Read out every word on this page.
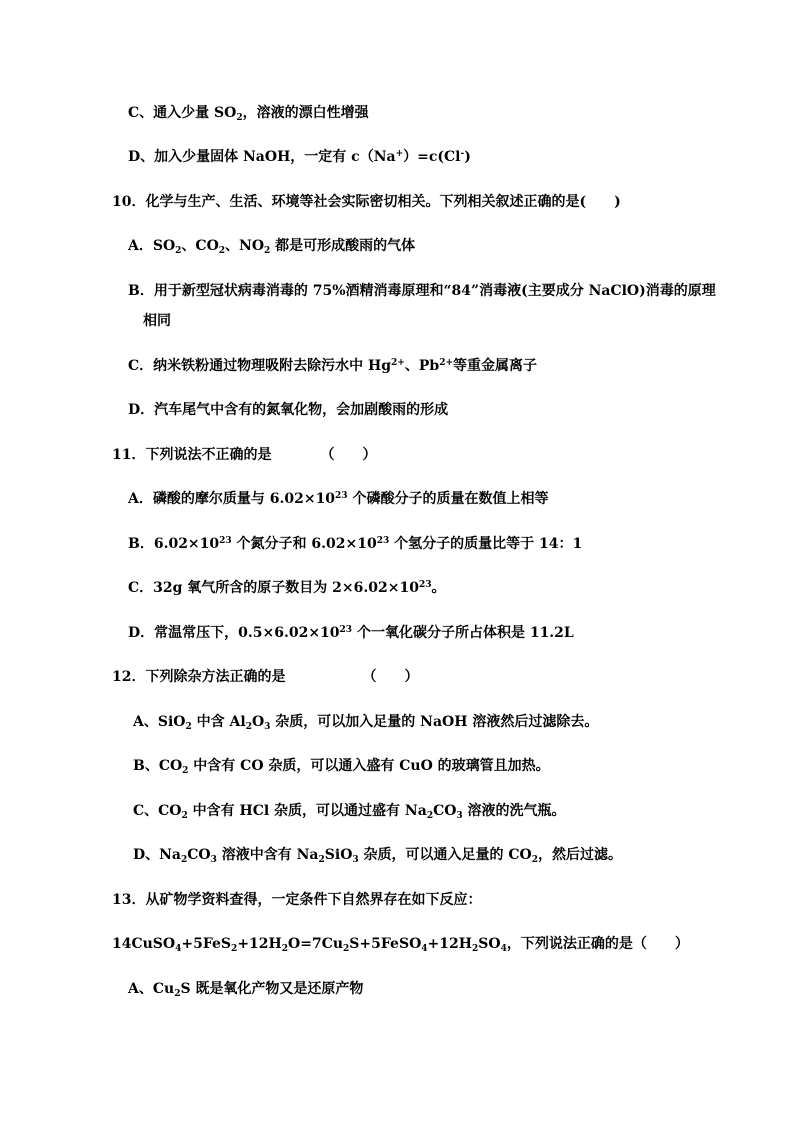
C、通入少量 $SO_2$，溶液的漂白性增强
D、加入少量固体 NaOH，一定有 c（Na+）=c(Cl-)
10．化学与生产、生活、环境等社会实际密切相关。下列相关叙述正确的是(　　)
A．$SO_2$、$CO_2$、$NO_2$ 都是可形成酸雨的气体
B．用于新型冠状病毒消毒的 75%酒精消毒原理和“84”消毒液(主要成分 NaClO)消毒的原理
相同
C．纳米铁粉通过物理吸附去除污水中 $Hg^{2+}$、$Pb^{2+}$等重金属离子
D．汽车尾气中含有的氮氧化物，会加剧酸雨的形成
11．下列说法不正确的是　　　　（　　）
A．磷酸的摩尔质量与 $6.02\times 10^{23}$ 个磷酸分子的质量在数值上相等
B．$6.02\times 10^{23}$ 个氮分子和 $6.02\times 10^{23}$ 个氢分子的质量比等于 14：1
C．32g 氧气所含的原子数目为 $2\times 6.02\times 10^{23}$。
D．常温常压下，$0.5\times 6.02\times 10^{23}$ 个一氧化碳分子所占体积是 11.2L
12．下列除杂方法正确的是　　　　　　（　　）
A、SiO$_2$ 中含 $Al_2O_3$ 杂质，可以加入足量的 NaOH 溶液然后过滤除去。
B、$CO_2$ 中含有 CO 杂质，可以通入盛有 CuO 的玻璃管且加热。
C、$CO_2$ 中含有 HCl 杂质，可以通过盛有 $Na_2CO_3$ 溶液的洗气瓶。
D、$Na_2CO_3$ 溶液中含有 $Na_2SiO_3$ 杂质，可以通入足量的 $CO_2$，然后过滤。
13．从矿物学资料查得，一定条件下自然界存在如下反应：
$14CuSO_4+5FeS_2+12H_2O=7Cu_2S+5FeSO_4+12H_2SO_4$，下列说法正确的是（　　）
A、$Cu_2S$ 既是氧化产物又是还原产物
